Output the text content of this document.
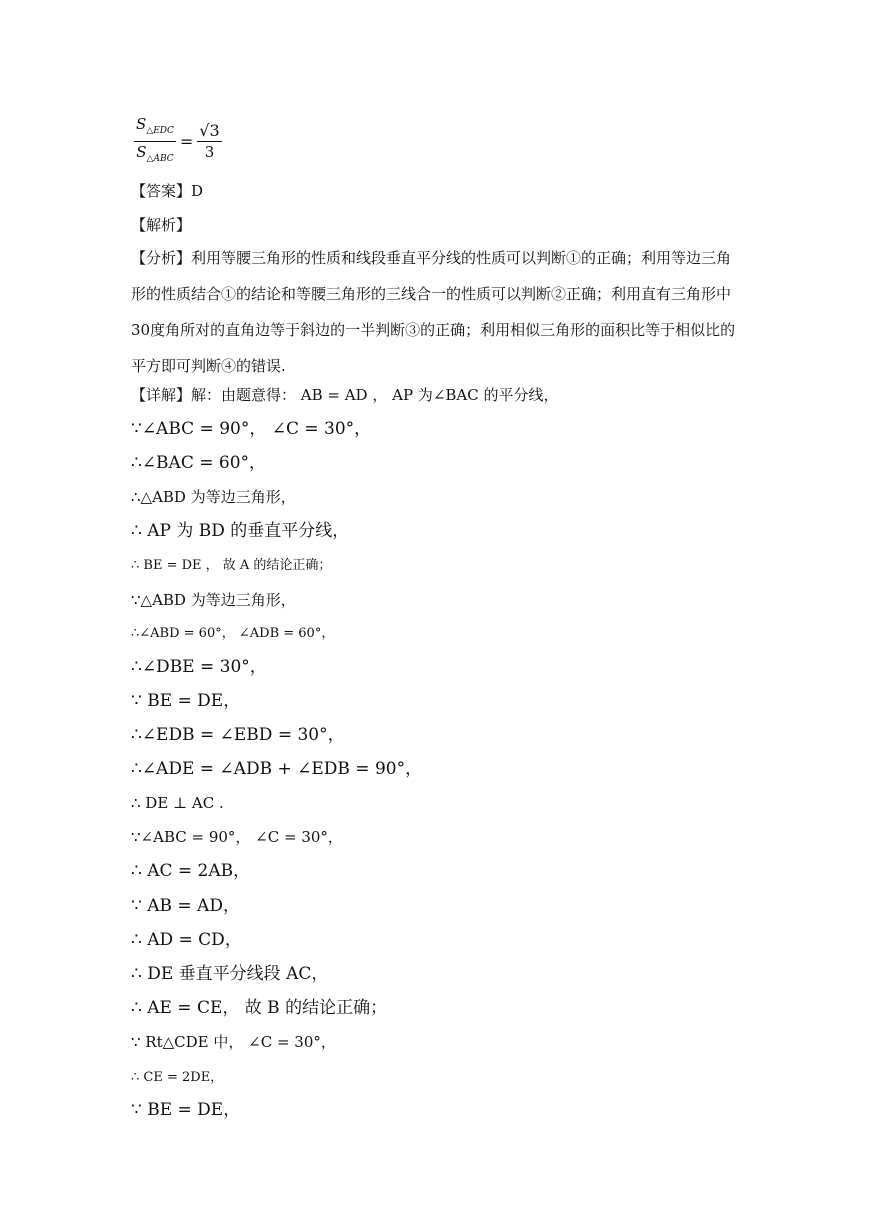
$\frac{S_{\triangle EDC}}{S_{\triangle ABC}} = \frac{√3}{3}$
【答案】D
【解析】
【分析】利用等腰三角形的性质和线段垂直平分线的性质可以判断①的正确；利用等边三角形的性质结合①的结论和等腰三角形的三线合一的性质可以判断②正确；利用直有三角形中30度角所对的直角边等于斜边的一半判断③的正确；利用相似三角形的面积比等于相似比的平方即可判断④的错误.
【详解】解：由题意得： AB = AD ， AP 为∠BAC 的平分线，
∵∠ABC = 90°， ∠C = 30°，
∴∠BAC = 60°，
∴△ABD 为等边三角形，
∴ AP 为 BD 的垂直平分线，
∴ BE = DE ， 故 A 的结论正确；
∵△ABD 为等边三角形，
∴∠ABD = 60°， ∠ADB = 60°，
∴∠DBE = 30°，
∵ BE = DE，
∴∠EDB = ∠EBD = 30°，
∴∠ADE = ∠ADB + ∠EDB = 90°，
∴ DE ⊥ AC .
∵∠ABC = 90°， ∠C = 30°，
∴ AC = 2AB，
∵ AB = AD，
∴ AD = CD，
∴ DE 垂直平分线段 AC，
∴ AE = CE， 故 B 的结论正确；
∵ Rt△CDE 中， ∠C = 30°，
∴ CE = 2DE，
∵ BE = DE，
